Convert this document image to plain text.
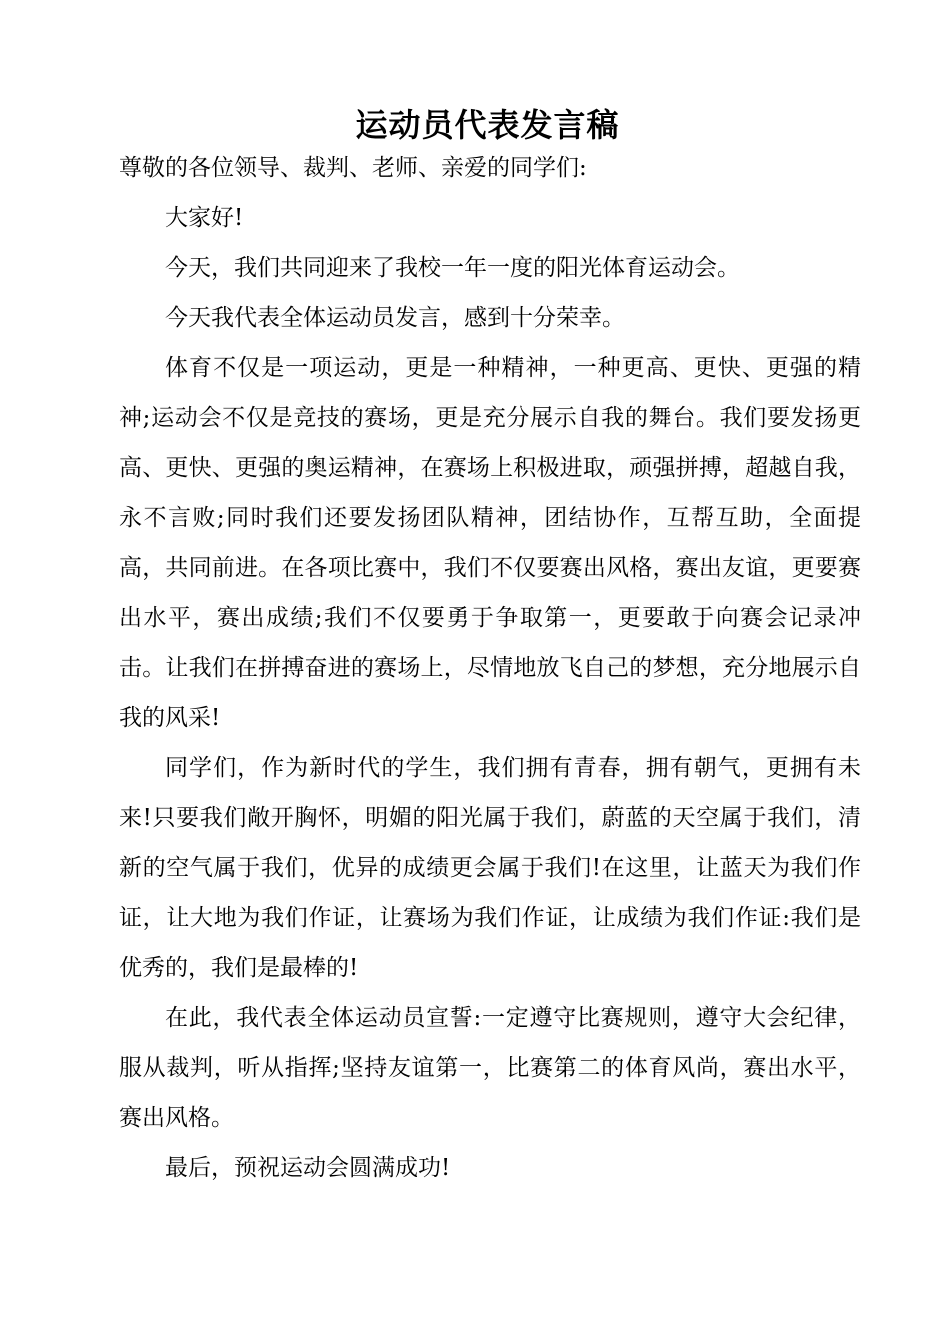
运动员代表发言稿

尊敬的各位领导、裁判、老师、亲爱的同学们:

大家好!

今天，我们共同迎来了我校一年一度的阳光体育运动会。

今天我代表全体运动员发言，感到十分荣幸。

体育不仅是一项运动，更是一种精神，一种更高、更快、更强的精神;运动会不仅是竞技的赛场，更是充分展示自我的舞台。我们要发扬更高、更快、更强的奥运精神，在赛场上积极进取，顽强拼搏，超越自我，永不言败;同时我们还要发扬团队精神，团结协作，互帮互助，全面提高，共同前进。在各项比赛中，我们不仅要赛出风格，赛出友谊，更要赛出水平，赛出成绩;我们不仅要勇于争取第一，更要敢于向赛会记录冲击。让我们在拼搏奋进的赛场上，尽情地放飞自己的梦想，充分地展示自我的风采!

同学们，作为新时代的学生，我们拥有青春，拥有朝气，更拥有未来!只要我们敞开胸怀，明媚的阳光属于我们，蔚蓝的天空属于我们，清新的空气属于我们，优异的成绩更会属于我们!在这里，让蓝天为我们作证，让大地为我们作证，让赛场为我们作证，让成绩为我们作证:我们是优秀的，我们是最棒的!

在此，我代表全体运动员宣誓:一定遵守比赛规则，遵守大会纪律，服从裁判，听从指挥;坚持友谊第一，比赛第二的体育风尚，赛出水平，赛出风格。

最后，预祝运动会圆满成功!
